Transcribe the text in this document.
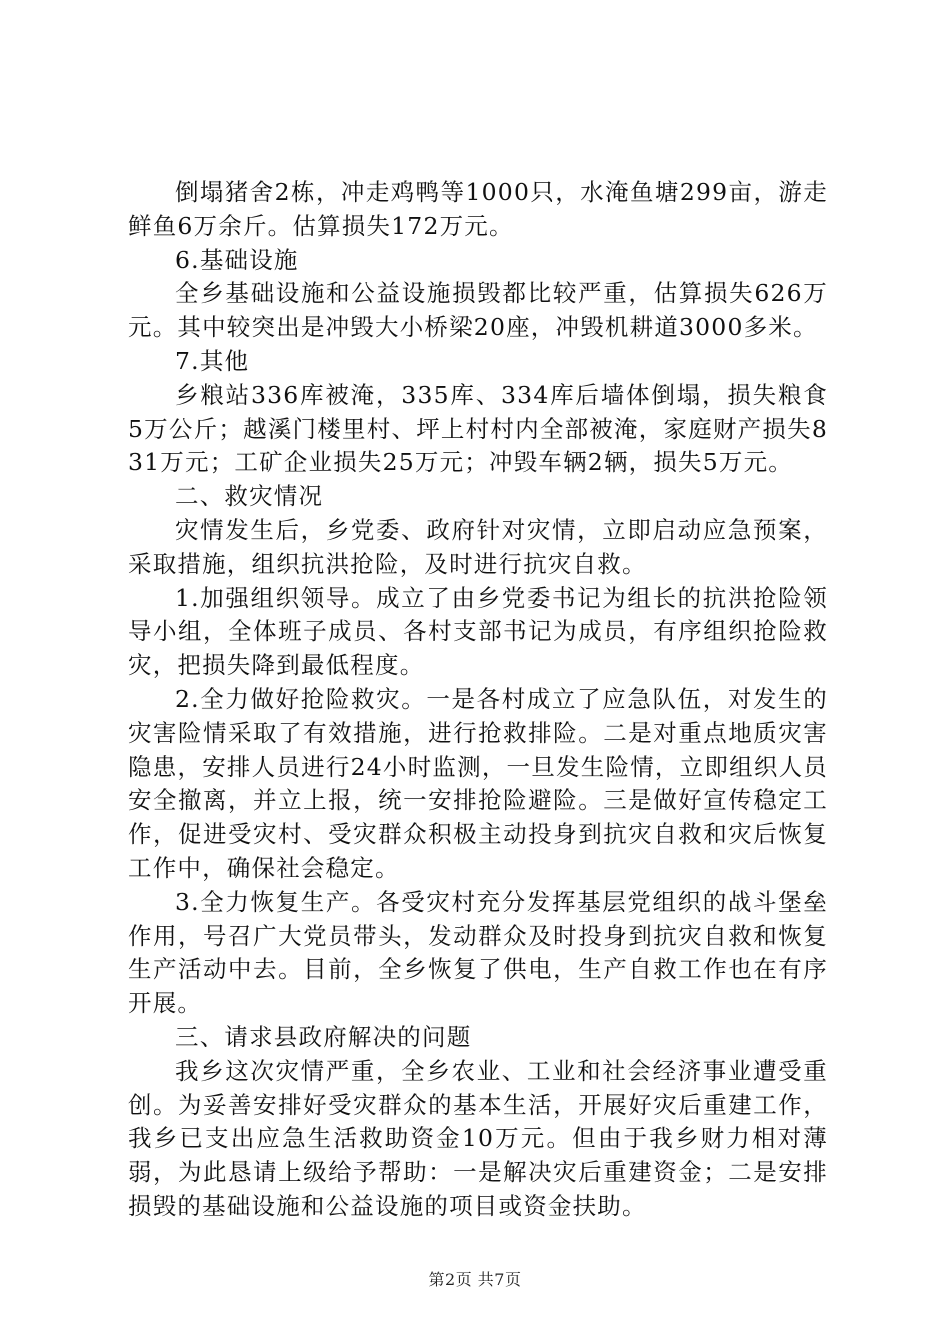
倒塌猪舍2栋，冲走鸡鸭等1000只，水淹鱼塘299亩，游走鲜鱼6万余斤。估算损失172万元。

6.基础设施

全乡基础设施和公益设施损毁都比较严重，估算损失626万元。其中较突出是冲毁大小桥梁20座，冲毁机耕道3000多米。

7.其他

乡粮站336库被淹，335库、334库后墙体倒塌，损失粮食5万公斤；越溪门楼里村、坪上村村内全部被淹，家庭财产损失831万元；工矿企业损失25万元；冲毁车辆2辆，损失5万元。

二、救灾情况

灾情发生后，乡党委、政府针对灾情，立即启动应急预案，采取措施，组织抗洪抢险，及时进行抗灾自救。

1.加强组织领导。成立了由乡党委书记为组长的抗洪抢险领导小组，全体班子成员、各村支部书记为成员，有序组织抢险救灾，把损失降到最低程度。

2.全力做好抢险救灾。一是各村成立了应急队伍，对发生的灾害险情采取了有效措施，进行抢救排险。二是对重点地质灾害隐患，安排人员进行24小时监测，一旦发生险情，立即组织人员安全撤离，并立上报，统一安排抢险避险。三是做好宣传稳定工作，促进受灾村、受灾群众积极主动投身到抗灾自救和灾后恢复工作中，确保社会稳定。

3.全力恢复生产。各受灾村充分发挥基层党组织的战斗堡垒作用，号召广大党员带头，发动群众及时投身到抗灾自救和恢复生产活动中去。目前，全乡恢复了供电，生产自救工作也在有序开展。

三、请求县政府解决的问题

我乡这次灾情严重，全乡农业、工业和社会经济事业遭受重创。为妥善安排好受灾群众的基本生活，开展好灾后重建工作，我乡已支出应急生活救助资金10万元。但由于我乡财力相对薄弱，为此恳请上级给予帮助：一是解决灾后重建资金；二是安排损毁的基础设施和公益设施的项目或资金扶助。

第2页 共7页
